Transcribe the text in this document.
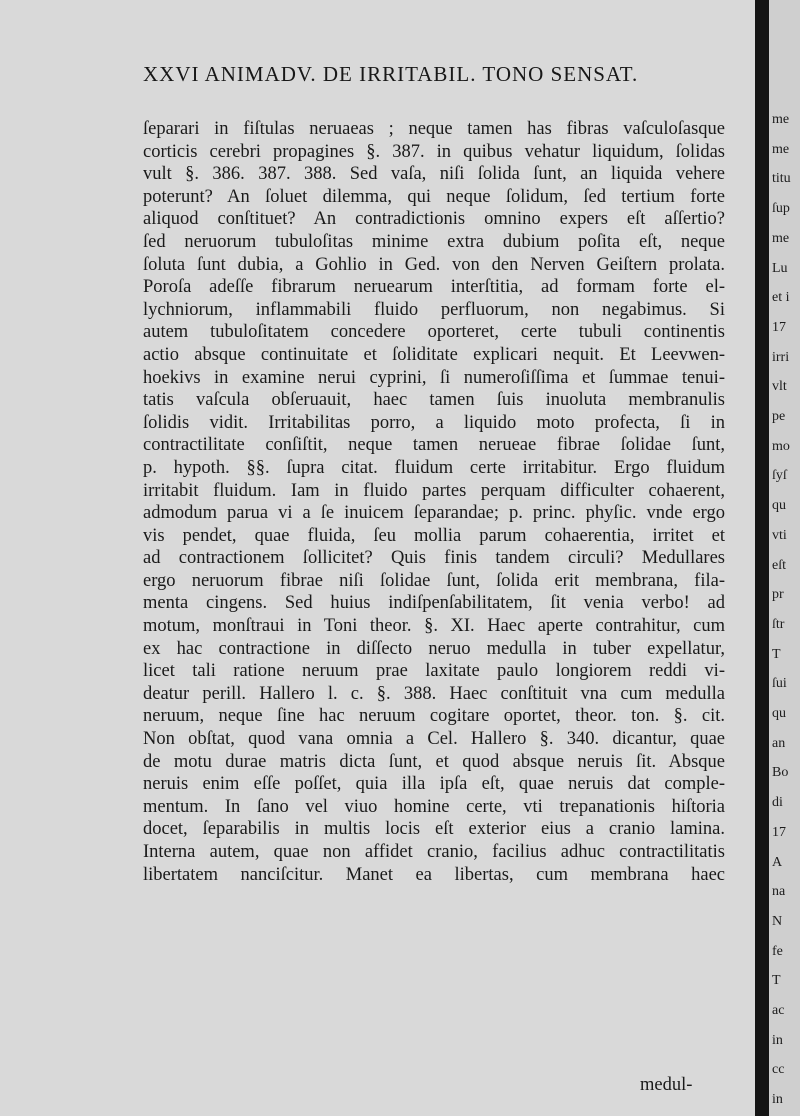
XXVI ANIMADV. DE IRRITABIL. TONO SENSAT.
ſeparari in fiſtulas neruaeas ; neque tamen has fibras vaſculoſasque
corticis cerebri propagines §. 387. in quibus vehatur liquidum, ſolidas
vult §. 386. 387. 388. Sed vaſa, niſi ſolida ſunt, an liquida vehere
poterunt? An ſoluet dilemma, qui neque ſolidum, ſed tertium forte
aliquod conſtituet? An contradictionis omnino expers eſt aſſertio?
ſed neruorum tubuloſitas minime extra dubium poſita eſt, neque
ſoluta ſunt dubia, a Gohlio in Ged. von den Nerven Geiſtern prolata.
Poroſa adeſſe fibrarum neruearum interſtitia, ad formam forte el-
lychniorum, inflammabili fluido perfluorum, non negabimus. Si
autem tubuloſitatem concedere oporteret, certe tubuli continentis
actio absque continuitate et ſoliditate explicari nequit. Et Leevwen-
hoekivs in examine nerui cyprini, ſi numeroſiſſima et ſummae tenui-
tatis vaſcula obſeruauit, haec tamen ſuis inuoluta membranulis
ſolidis vidit. Irritabilitas porro, a liquido moto profecta, ſi in
contractilitate conſiſtit, neque tamen nerueae fibrae ſolidae ſunt,
p. hypoth. §§. ſupra citat. fluidum certe irritabitur. Ergo fluidum
irritabit fluidum. Iam in fluido partes perquam difficulter cohaerent,
admodum parua vi a ſe inuicem ſeparandae; p. princ. phyſic. vnde ergo
vis pendet, quae fluida, ſeu mollia parum cohaerentia, irritet et
ad contractionem ſollicitet? Quis finis tandem circuli? Medullares
ergo neruorum fibrae niſi ſolidae ſunt, ſolida erit membrana, fila-
menta cingens. Sed huius indiſpenſabilitatem, ſit venia verbo! ad
motum, monſtraui in Toni theor. §. XI. Haec aperte contrahitur, cum
ex hac contractione in diſſecto neruo medulla in tuber expellatur,
licet tali ratione neruum prae laxitate paulo longiorem reddi vi-
deatur perill. Hallero l. c. §. 388. Haec conſtituit vna cum medulla
neruum, neque ſine hac neruum cogitare oportet, theor. ton. §. cit.
Non obſtat, quod vana omnia a Cel. Hallero §. 340. dicantur, quae
de motu durae matris dicta ſunt, et quod absque neruis ſit. Absque
neruis enim eſſe poſſet, quia illa ipſa eſt, quae neruis dat comple-
mentum. In ſano vel viuo homine certe, vti trepanationis hiſtoria
docet, ſeparabilis in multis locis eſt exterior eius a cranio lamina.
Interna autem, quae non affidet cranio, facilius adhuc contractilitatis
libertatem nanciſcitur. Manet ea libertas, cum membrana haec
medul-
me
me
titu
ſup
me
Lu
et i
17
irri
vlt
pe
mo
ſyſ
qu
vti
eſt
pr
ſtr
T
ſui
qu
an
Bo
di
17
A
na
N
fe
T
ac
in
cc
in
